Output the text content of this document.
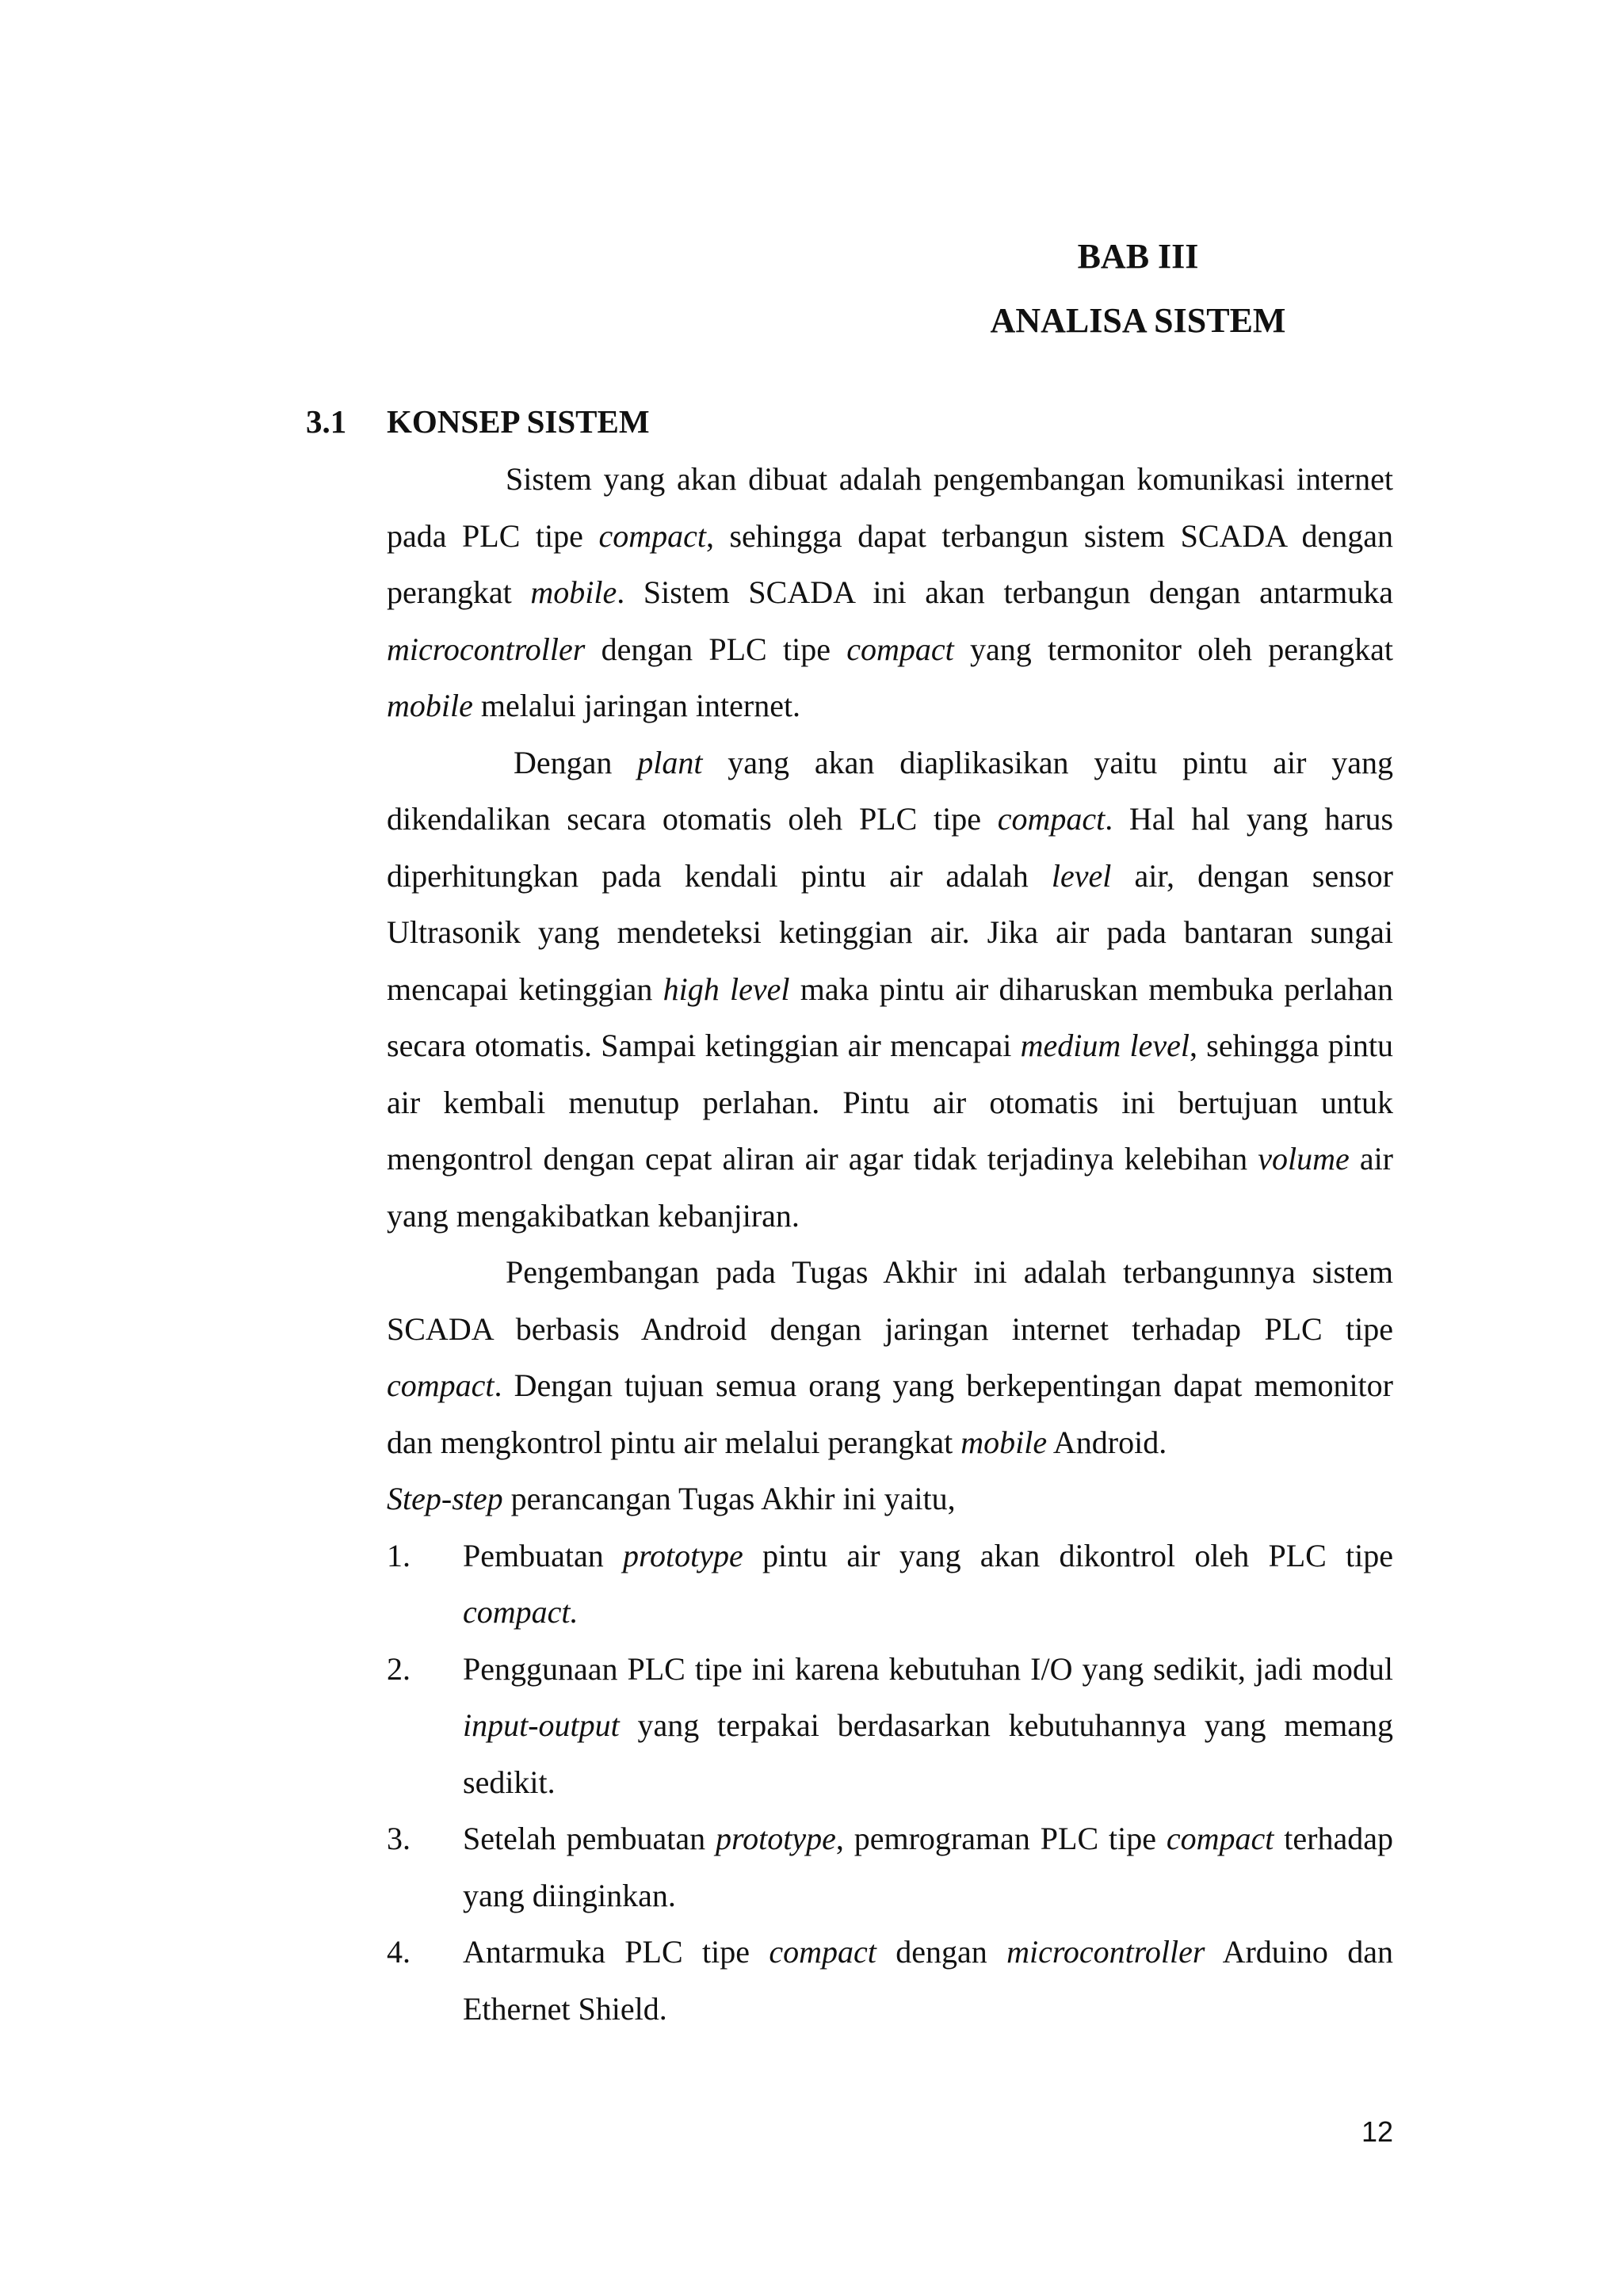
BAB III
ANALISA SISTEM
3.1 KONSEP SISTEM

Sistem yang akan dibuat adalah pengembangan komunikasi internet pada PLC tipe compact, sehingga dapat terbangun sistem SCADA dengan perangkat mobile. Sistem SCADA ini akan terbangun dengan antarmuka microcontroller dengan PLC tipe compact yang termonitor oleh perangkat mobile melalui jaringan internet.

Dengan plant yang akan diaplikasikan yaitu pintu air yang dikendalikan secara otomatis oleh PLC tipe compact. Hal hal yang harus diperhitungkan pada kendali pintu air adalah level air, dengan sensor Ultrasonik yang mendeteksi ketinggian air. Jika air pada bantaran sungai mencapai ketinggian high level maka pintu air diharuskan membuka perlahan secara otomatis. Sampai ketinggian air mencapai medium level, sehingga pintu air kembali menutup perlahan. Pintu air otomatis ini bertujuan untuk mengontrol dengan cepat aliran air agar tidak terjadinya kelebihan volume air yang mengakibatkan kebanjiran.

Pengembangan pada Tugas Akhir ini adalah terbangunnya sistem SCADA berbasis Android dengan jaringan internet terhadap PLC tipe compact. Dengan tujuan semua orang yang berkepentingan dapat memonitor dan mengkontrol pintu air melalui perangkat mobile Android.

Step-step perancangan Tugas Akhir ini yaitu,

1. Pembuatan prototype pintu air yang akan dikontrol oleh PLC tipe compact.
2. Penggunaan PLC tipe ini karena kebutuhan I/O yang sedikit, jadi modul input-output yang terpakai berdasarkan kebutuhannya yang memang sedikit.
3. Setelah pembuatan prototype, pemrograman PLC tipe compact terhadap yang diinginkan.
4. Antarmuka PLC tipe compact dengan microcontroller Arduino dan Ethernet Shield.
12
